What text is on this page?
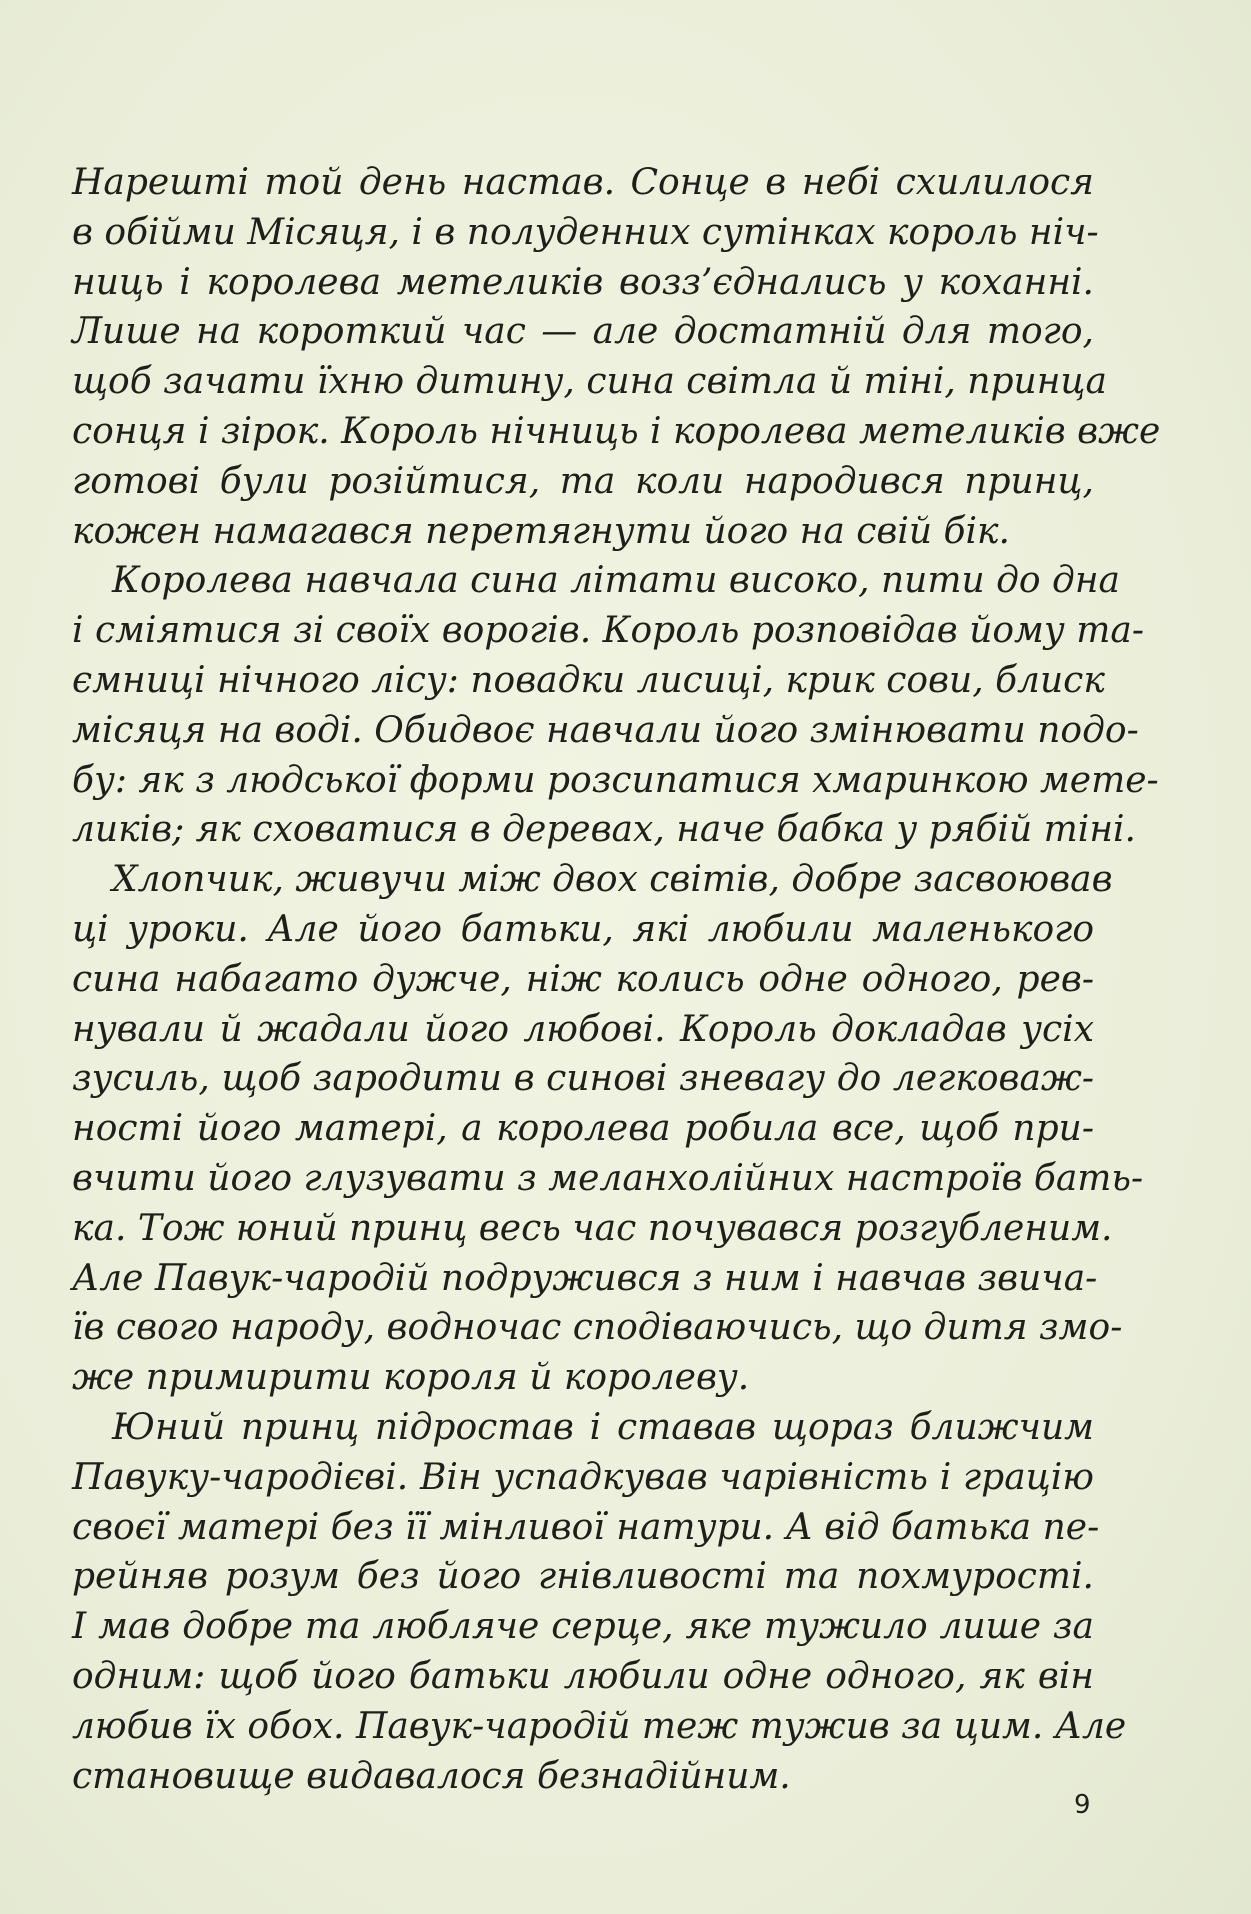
Нарешті той день настав. Сонце в небі схилилося
в обійми Місяця, і в полуденних сутінках король ніч-
ниць і королева метеликів возз’єднались у коханні.
Лише на короткий час — але достатній для того,
щоб зачати їхню дитину, сина світла й тіні, принца
сонця і зірок. Король нічниць і королева метеликів вже
готові були розійтися, та коли народився принц,
кожен намагався перетягнути його на свій бік.
Королева навчала сина літати високо, пити до дна
і сміятися зі своїх ворогів. Король розповідав йому та-
ємниці нічного лісу: повадки лисиці, крик сови, блиск
місяця на воді. Обидвоє навчали його змінювати подо-
бу: як з людської форми розсипатися хмаринкою мете-
ликів; як сховатися в деревах, наче бабка у рябій тіні.
Хлопчик, живучи між двох світів, добре засвоював
ці уроки. Але його батьки, які любили маленького
сина набагато дужче, ніж колись одне одного, рев-
нували й жадали його любові. Король докладав усіх
зусиль, щоб зародити в синові зневагу до легковаж-
ності його матері, а королева робила все, щоб при-
вчити його глузувати з меланхолійних настроїв бать-
ка. Тож юний принц весь час почувався розгубленим.
Але Павук-чародій подружився з ним і навчав звича-
їв свого народу, водночас сподіваючись, що дитя змо-
же примирити короля й королеву.
Юний принц підростав і ставав щораз ближчим
Павуку-чародієві. Він успадкував чарівність і грацію
своєї матері без її мінливої натури. А від батька пе-
рейняв розум без його гнівливості та похмурості.
І мав добре та любляче серце, яке тужило лише за
одним: щоб його батьки любили одне одного, як він
любив їх обох. Павук-чародій теж тужив за цим. Але
становище видавалося безнадійним.
9
